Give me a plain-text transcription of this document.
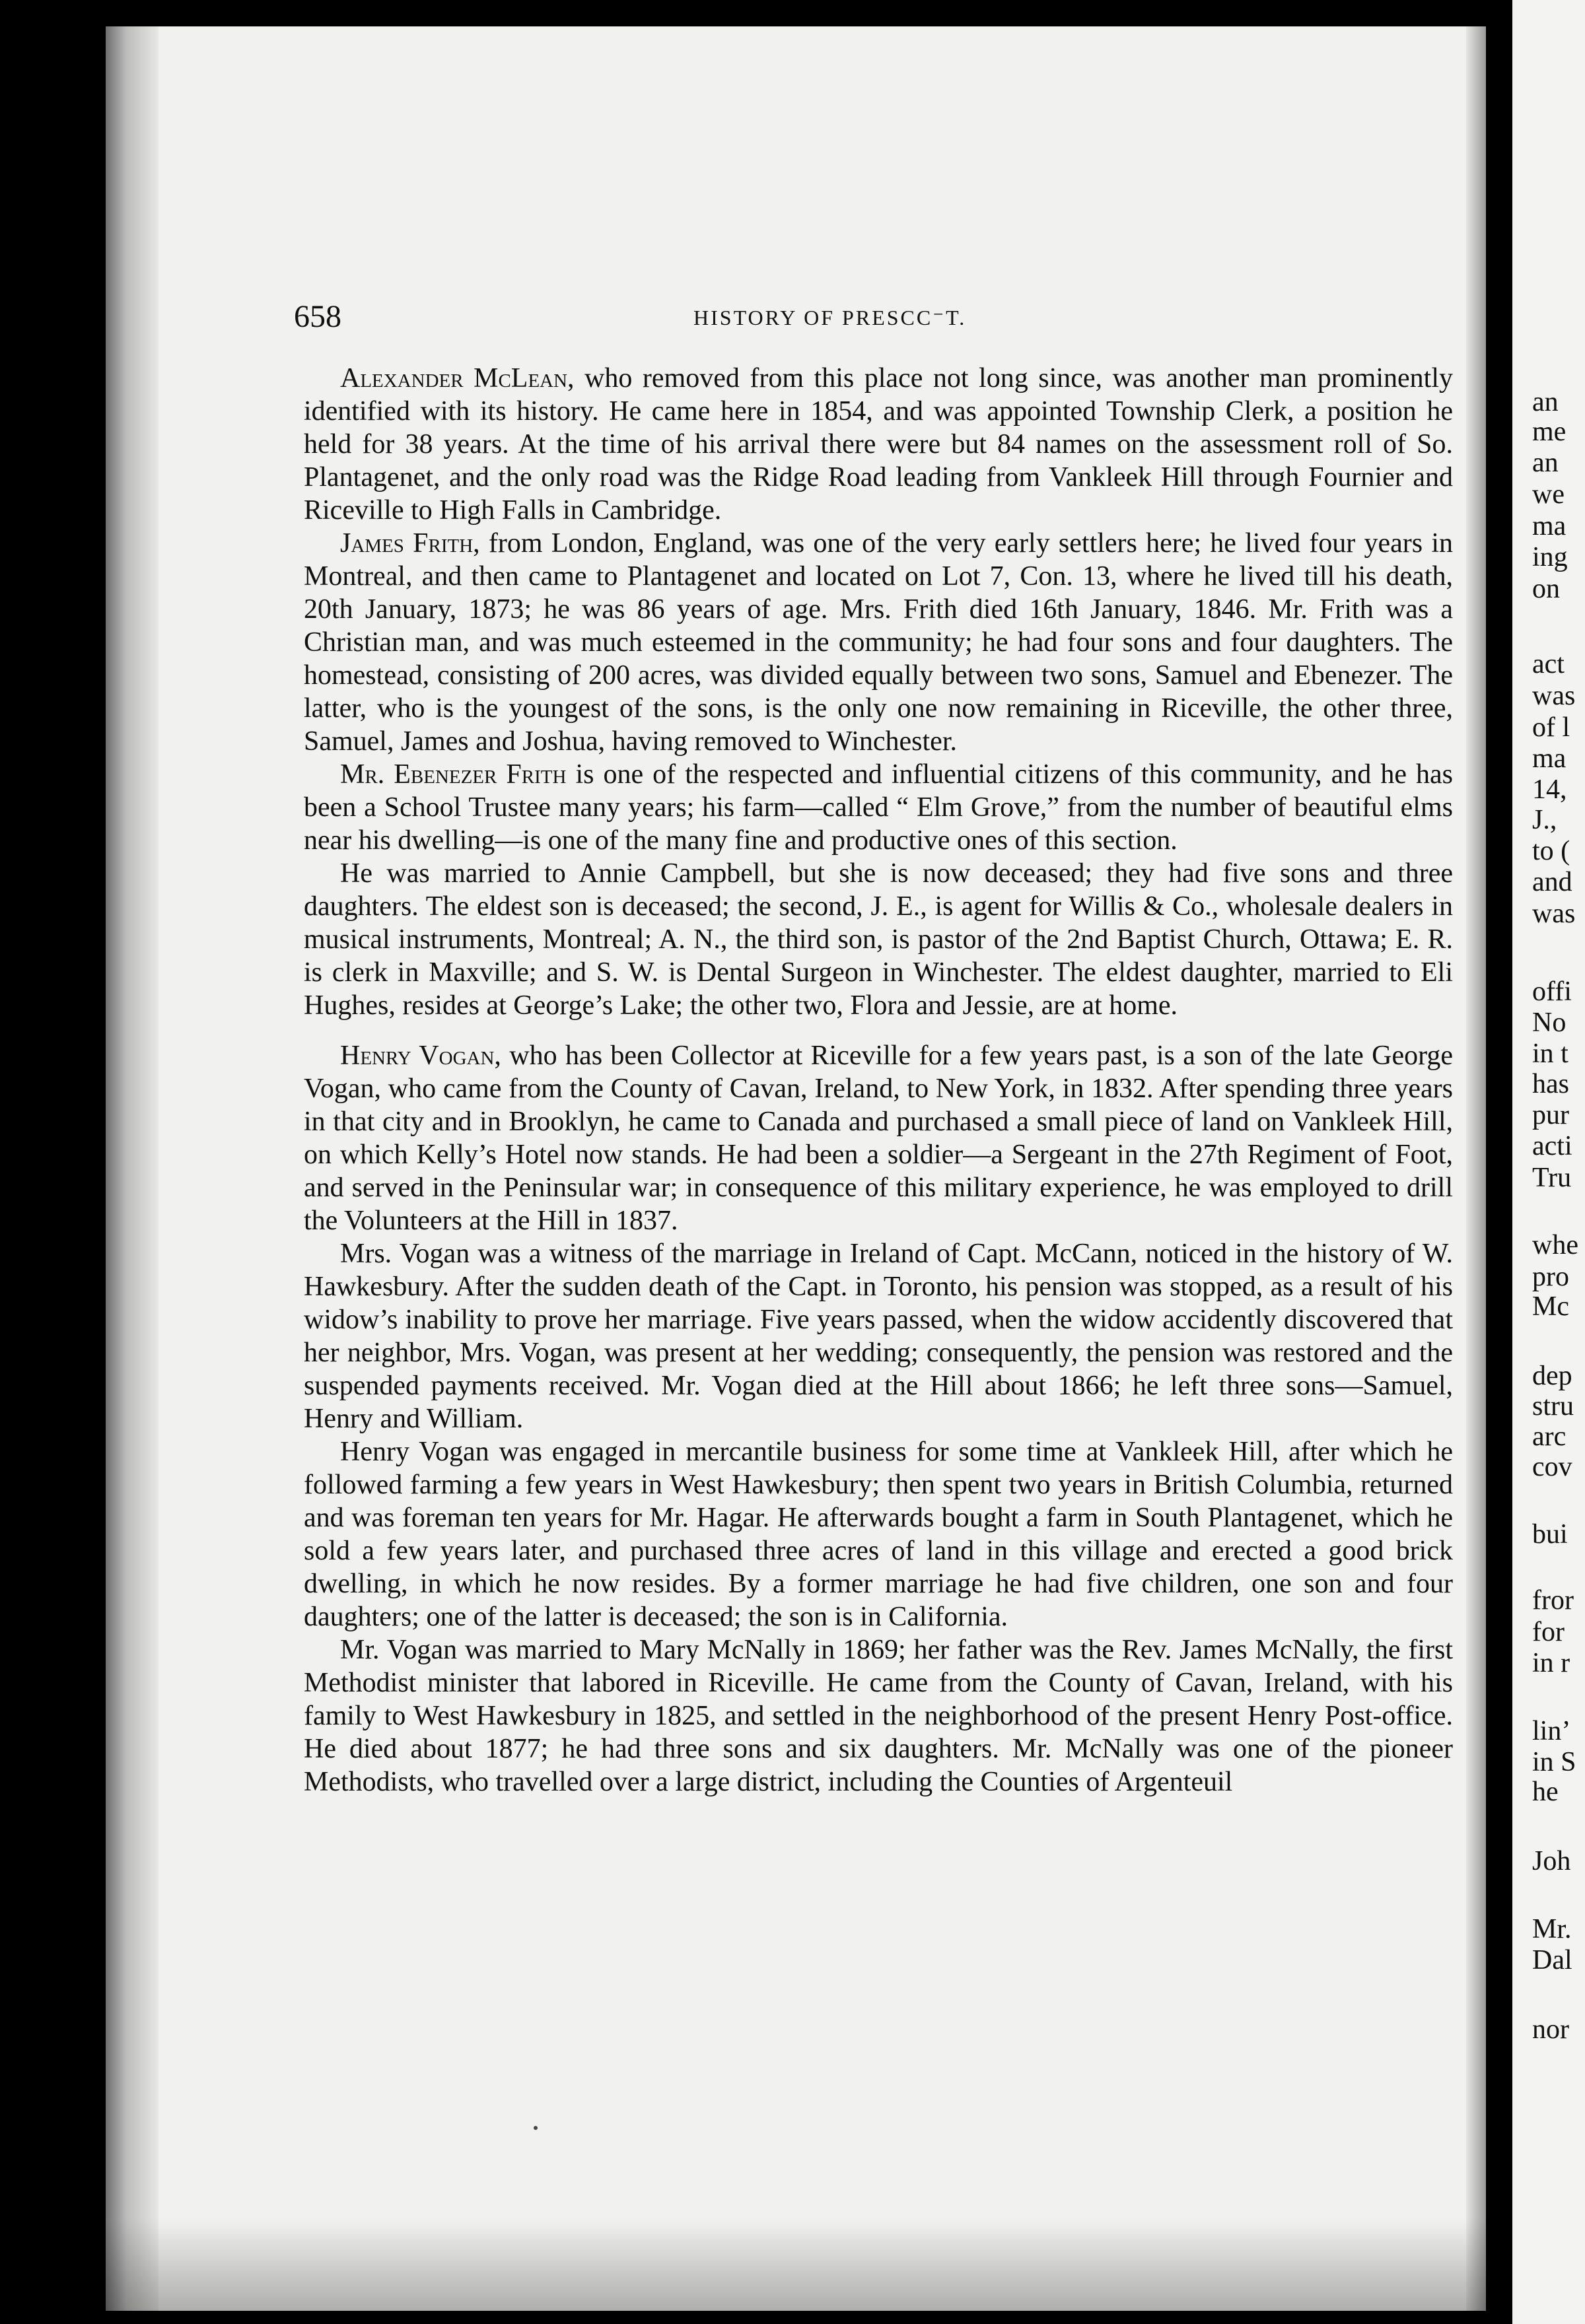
658	HISTORY OF PRESCC⁻T.

Alexander McLean, who removed from this place not long since, was another man prominently identified with its history. He came here in 1854, and was appointed Township Clerk, a position he held for 38 years. At the time of his arrival there were but 84 names on the assessment roll of So. Plantagenet, and the only road was the Ridge Road leading from Vankleek Hill through Fournier and Riceville to High Falls in Cambridge.

James Frith, from London, England, was one of the very early settlers here; he lived four years in Montreal, and then came to Plantagenet and located on Lot 7, Con. 13, where he lived till his death, 20th January, 1873; he was 86 years of age. Mrs. Frith died 16th January, 1846. Mr. Frith was a Christian man, and was much esteemed in the community; he had four sons and four daughters. The homestead, consisting of 200 acres, was divided equally between two sons, Samuel and Ebenezer. The latter, who is the youngest of the sons, is the only one now remaining in Riceville, the other three, Samuel, James and Joshua, having removed to Winchester.

Mr. Ebenezer Frith is one of the respected and influential citizens of this community, and he has been a School Trustee many years; his farm—called “ Elm Grove,” from the number of beautiful elms near his dwelling—is one of the many fine and productive ones of this section.

He was married to Annie Campbell, but she is now deceased; they had five sons and three daughters. The eldest son is deceased; the second, J. E., is agent for Willis & Co., wholesale dealers in musical instruments, Montreal; A. N., the third son, is pastor of the 2nd Baptist Church, Ottawa; E. R. is clerk in Maxville; and S. W. is Dental Surgeon in Winchester. The eldest daughter, married to Eli Hughes, resides at George’s Lake; the other two, Flora and Jessie, are at home.

Henry Vogan, who has been Collector at Riceville for a few years past, is a son of the late George Vogan, who came from the County of Cavan, Ireland, to New York, in 1832. After spending three years in that city and in Brooklyn, he came to Canada and purchased a small piece of land on Vankleek Hill, on which Kelly’s Hotel now stands. He had been a soldier—a Sergeant in the 27th Regiment of Foot, and served in the Peninsular war; in consequence of this military experience, he was employed to drill the Volunteers at the Hill in 1837.

Mrs. Vogan was a witness of the marriage in Ireland of Capt. McCann, noticed in the history of W. Hawkesbury. After the sudden death of the Capt. in Toronto, his pension was stopped, as a result of his widow’s inability to prove her marriage. Five years passed, when the widow accidently discovered that her neighbor, Mrs. Vogan, was present at her wedding; consequently, the pension was restored and the suspended payments received. Mr. Vogan died at the Hill about 1866; he left three sons—Samuel, Henry and William.

Henry Vogan was engaged in mercantile business for some time at Vankleek Hill, after which he followed farming a few years in West Hawkesbury; then spent two years in British Columbia, returned and was foreman ten years for Mr. Hagar. He afterwards bought a farm in South Plantagenet, which he sold a few years later, and purchased three acres of land in this village and erected a good brick dwelling, in which he now resides. By a former marriage he had five children, one son and four daughters; one of the latter is deceased; the son is in California.

Mr. Vogan was married to Mary McNally in 1869; her father was the Rev. James McNally, the first Methodist minister that labored in Riceville. He came from the County of Cavan, Ireland, with his family to West Hawkesbury in 1825, and settled in the neighborhood of the present Henry Post-office. He died about 1877; he had three sons and six daughters. Mr. McNally was one of the pioneer Methodists, who travelled over a large district, including the Counties of Argenteuil

an
me
an
we
ma
ing
on
act
was
of l
ma
14,
J.,
to (
and
was
offi
No
in t
has
pur
acti
Tru
whe
pro
Mc
dep
stru
arc
cov
bui
fror
for
in r
lin’
in S
he
Joh
Mr.
Dal
nor
